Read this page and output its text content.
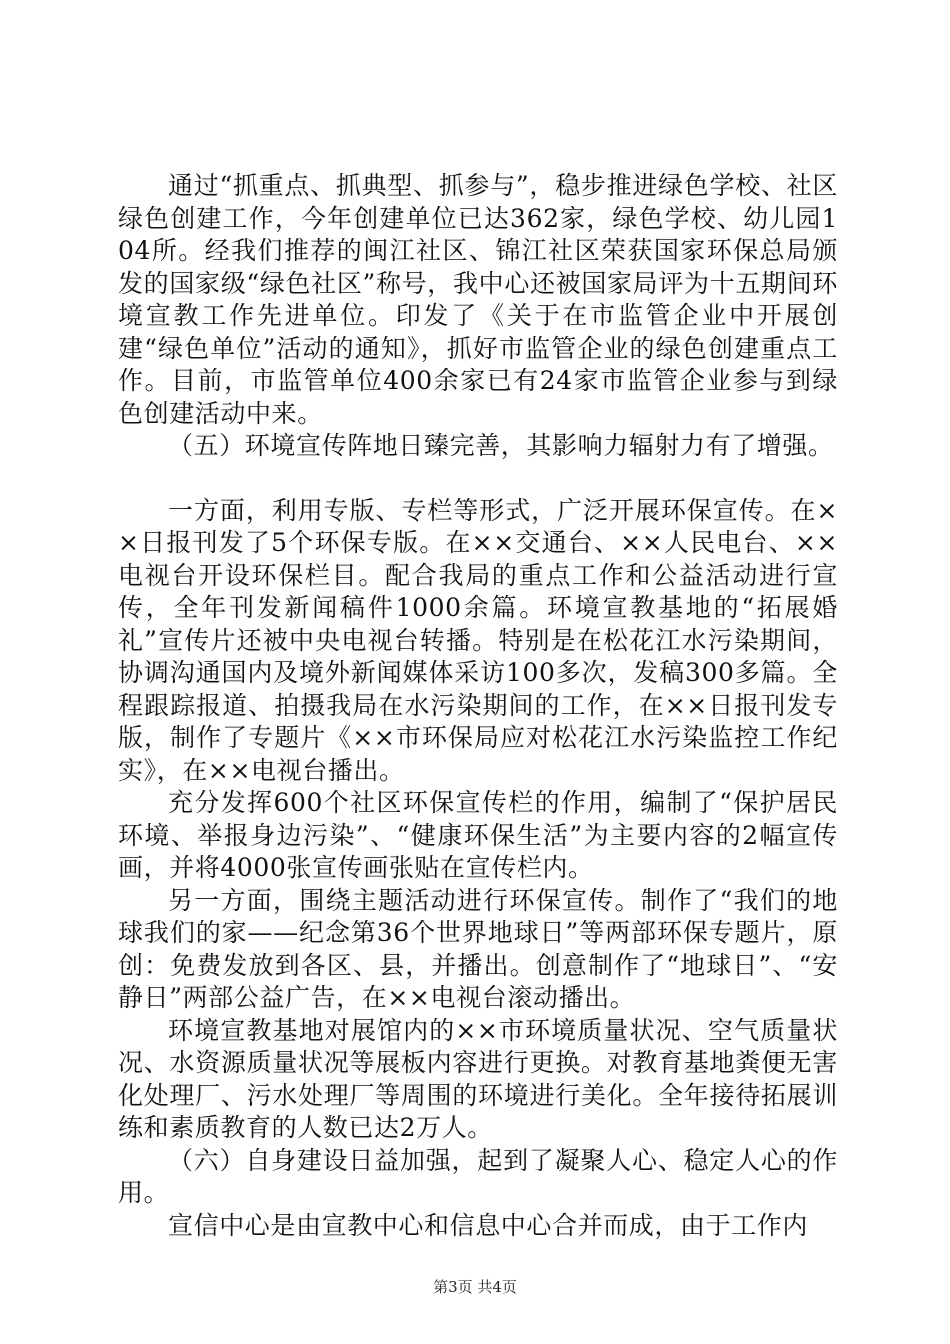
通过“抓重点、抓典型、抓参与”，稳步推进绿色学校、社区绿色创建工作，今年创建单位已达362家，绿色学校、幼儿园104所。经我们推荐的闽江社区、锦江社区荣获国家环保总局颁发的国家级“绿色社区”称号，我中心还被国家局评为十五期间环境宣教工作先进单位。印发了《关于在市监管企业中开展创建“绿色单位”活动的通知》，抓好市监管企业的绿色创建重点工作。目前，市监管单位400余家已有24家市监管企业参与到绿色创建活动中来。

（五）环境宣传阵地日臻完善，其影响力辐射力有了增强。

一方面，利用专版、专栏等形式，广泛开展环保宣传。在××日报刊发了5个环保专版。在××交通台、××人民电台、××电视台开设环保栏目。配合我局的重点工作和公益活动进行宣传，全年刊发新闻稿件1000余篇。环境宣教基地的“拓展婚礼”宣传片还被中央电视台转播。特别是在松花江水污染期间，协调沟通国内及境外新闻媒体采访100多次，发稿300多篇。全程跟踪报道、拍摄我局在水污染期间的工作，在××日报刊发专版，制作了专题片《××市环保局应对松花江水污染监控工作纪实》，在××电视台播出。

充分发挥600个社区环保宣传栏的作用，编制了“保护居民环境、举报身边污染”、“健康环保生活”为主要内容的2幅宣传画，并将4000张宣传画张贴在宣传栏内。

另一方面，围绕主题活动进行环保宣传。制作了“我们的地球我们的家——纪念第36个世界地球日”等两部环保专题片，原创：免费发放到各区、县，并播出。创意制作了“地球日”、“安静日”两部公益广告，在××电视台滚动播出。

环境宣教基地对展馆内的××市环境质量状况、空气质量状况、水资源质量状况等展板内容进行更换。对教育基地粪便无害化处理厂、污水处理厂等周围的环境进行美化。全年接待拓展训练和素质教育的人数已达2万人。

（六）自身建设日益加强，起到了凝聚人心、稳定人心的作用。

宣信中心是由宣教中心和信息中心合并而成，由于工作内

第3页 共4页
